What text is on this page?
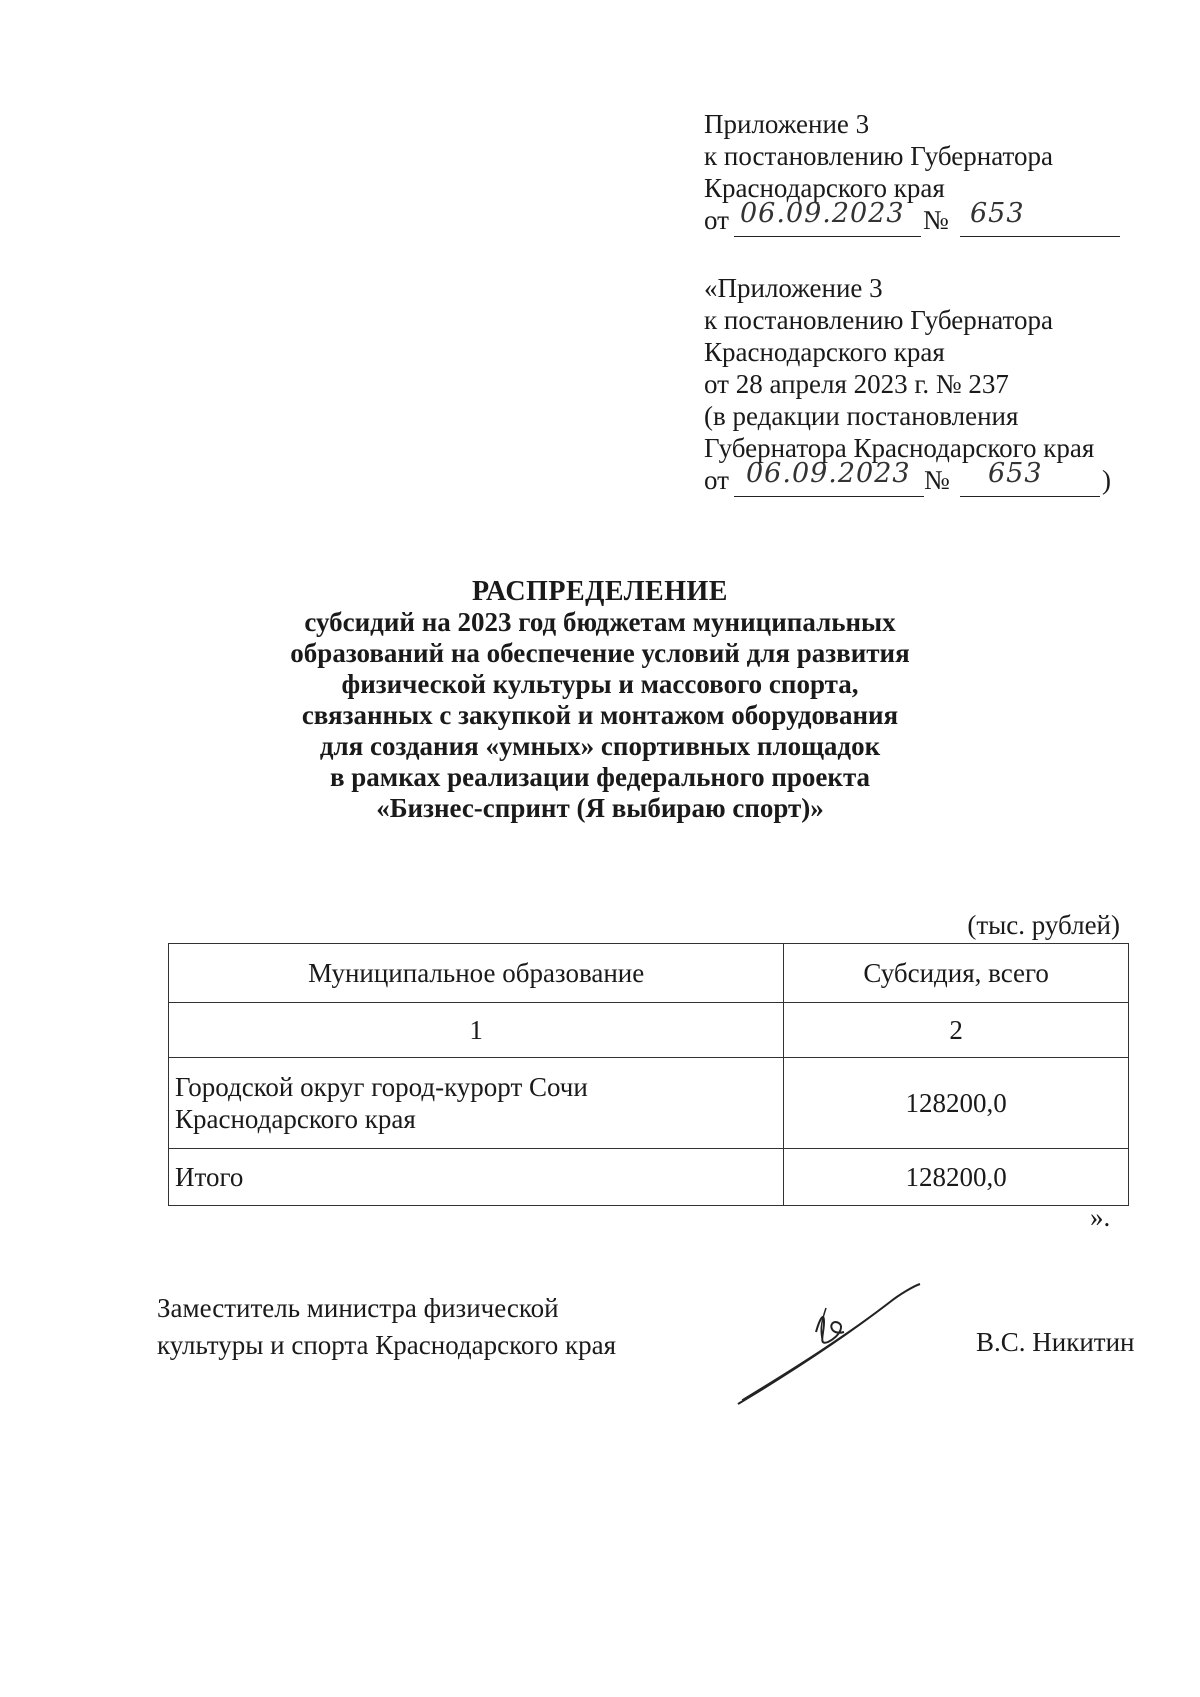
Приложение 3
к постановлению Губернатора
Краснодарского края
от 06.09.2023 № 653
«Приложение 3
к постановлению Губернатора
Краснодарского края
от 28 апреля 2023 г. № 237
(в редакции постановления
Губернатора Краснодарского края
от 06.09.2023 №	653	)
РАСПРЕДЕЛЕНИЕ
субсидий на 2023 год бюджетам муниципальных
образований на обеспечение условий для развития
физической культуры и массового спорта,
связанных с закупкой и монтажом оборудования
для создания «умных» спортивных площадок
в рамках реализации федерального проекта
«Бизнес-спринт (Я выбираю спорт)»
(тыс. рублей)
Муниципальное образование	Субсидия, всего
1	2

Городской округ город-курорт Сочи
Краснодарского края	128200,0
Итого	128200,0
».
Заместитель министра физической
культуры и спорта Краснодарского края	В.С. Никитин
